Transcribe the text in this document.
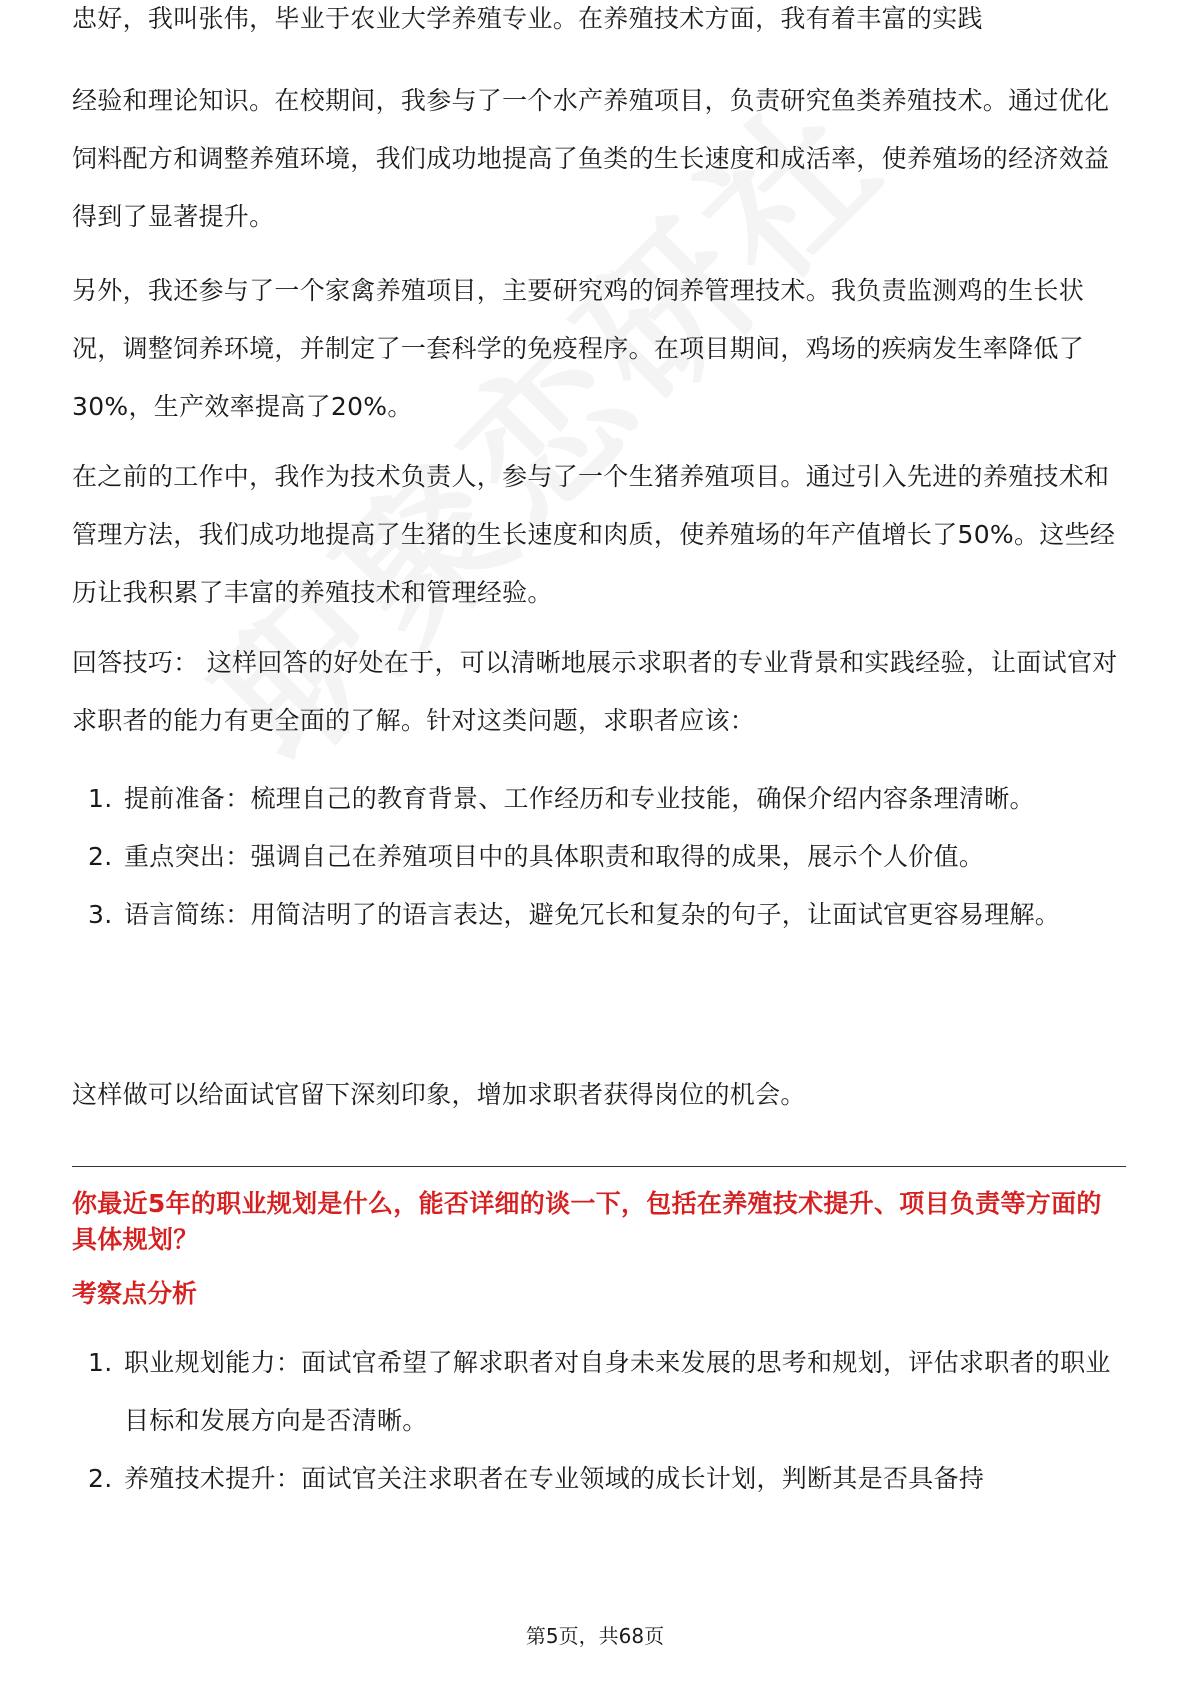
忠好，我叫张伟，毕业于农业大学养殖专业。在养殖技术方面，我有着丰富的实践

经验和理论知识。在校期间，我参与了一个水产养殖项目，负责研究鱼类养殖技术。通过优化饲料配方和调整养殖环境，我们成功地提高了鱼类的生长速度和成活率，使养殖场的经济效益得到了显著提升。

另外，我还参与了一个家禽养殖项目，主要研究鸡的饲养管理技术。我负责监测鸡的生长状况，调整饲养环境，并制定了一套科学的免疫程序。在项目期间，鸡场的疾病发生率降低了30%，生产效率提高了20%。

在之前的工作中，我作为技术负责人，参与了一个生猪养殖项目。通过引入先进的养殖技术和管理方法，我们成功地提高了生猪的生长速度和肉质，使养殖场的年产值增长了50%。这些经历让我积累了丰富的养殖技术和管理经验。

回答技巧： 这样回答的好处在于，可以清晰地展示求职者的专业背景和实践经验，让面试官对求职者的能力有更全面的了解。针对这类问题，求职者应该：

1. 提前准备：梳理自己的教育背景、工作经历和专业技能，确保介绍内容条理清晰。
2. 重点突出：强调自己在养殖项目中的具体职责和取得的成果，展示个人价值。
3. 语言简练：用简洁明了的语言表达，避免冗长和复杂的句子，让面试官更容易理解。

这样做可以给面试官留下深刻印象，增加求职者获得岗位的机会。

你最近5年的职业规划是什么，能否详细的谈一下，包括在养殖技术提升、项目负责等方面的具体规划？

考察点分析

1. 职业规划能力：面试官希望了解求职者对自身未来发展的思考和规划，评估求职者的职业目标和发展方向是否清晰。
2. 养殖技术提升：面试官关注求职者在专业领域的成长计划，判断其是否具备持
第5页，共68页
